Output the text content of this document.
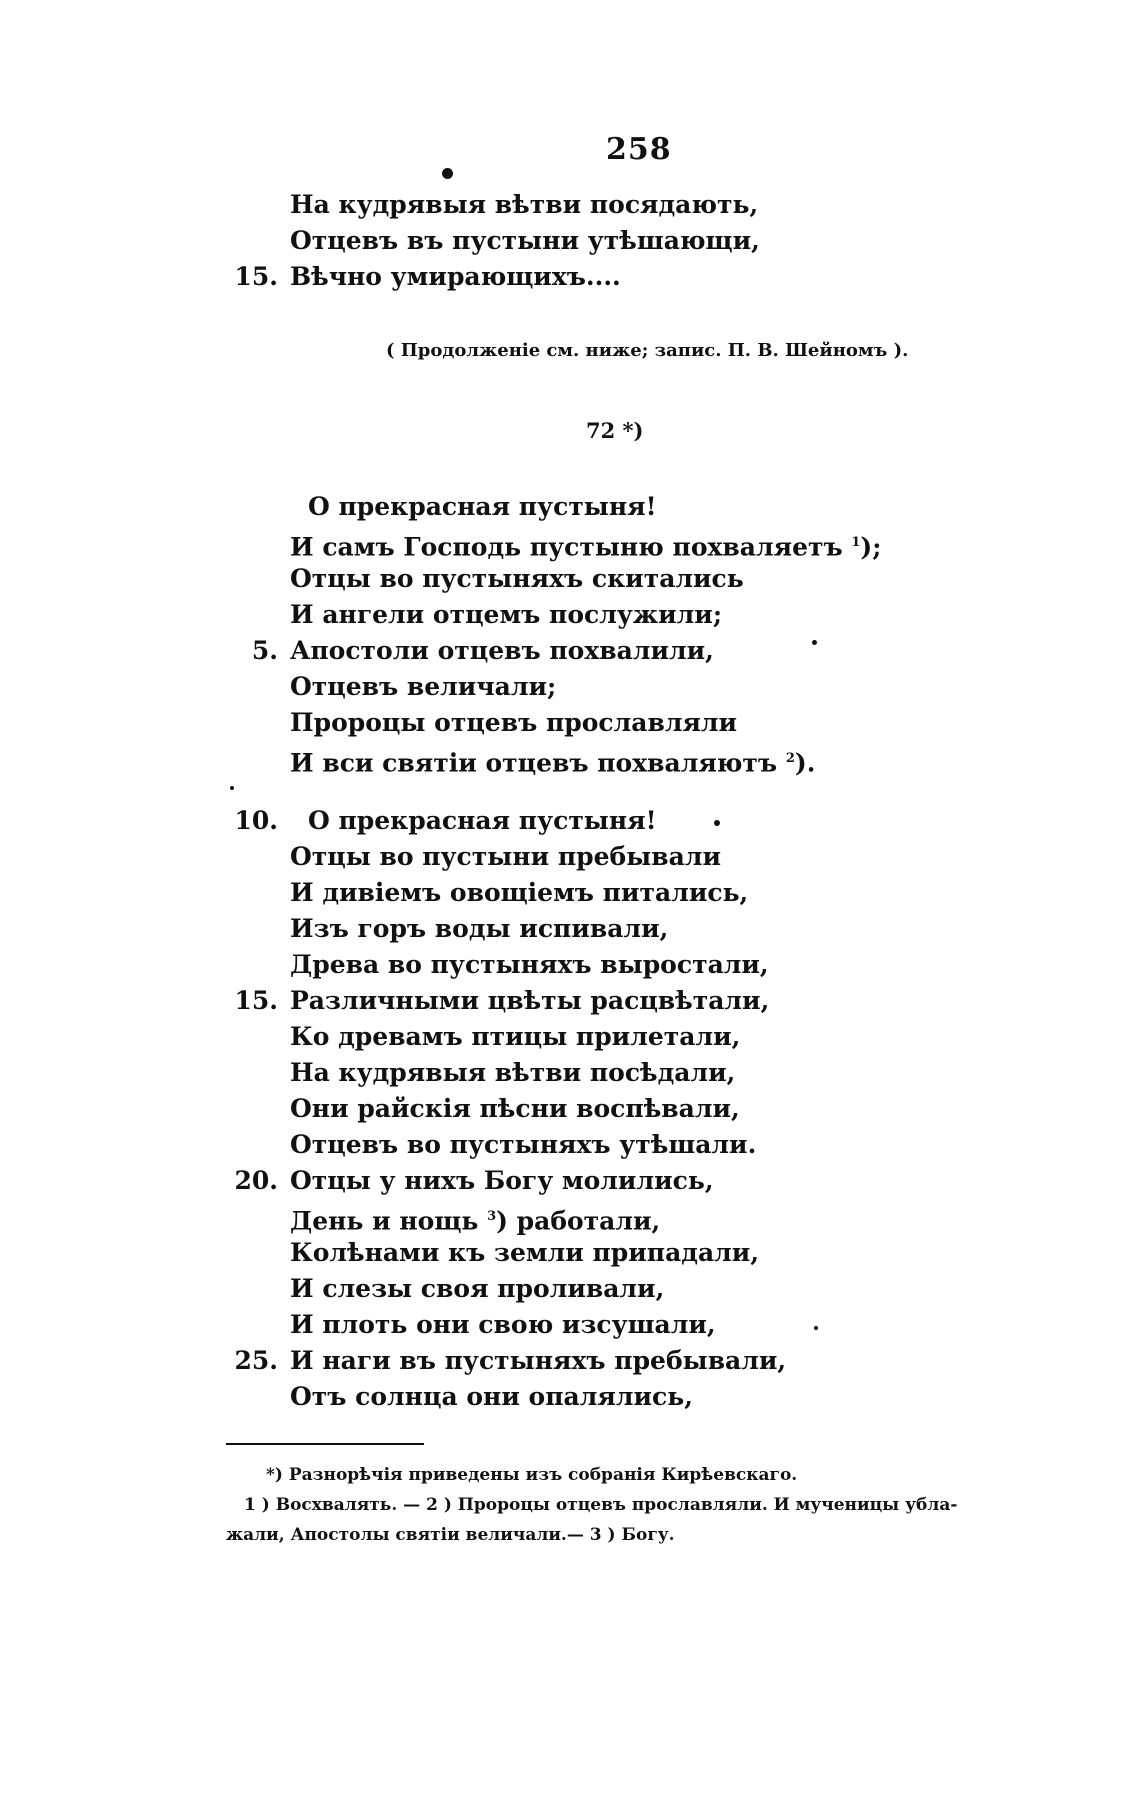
258
На кудрявыя вѣтви посядають,
Отцевъ въ пустыни утѣшающи,
15. Вѣчно умирающихъ....
( Продолженіе см. ниже; запис. П. В. Шейномъ ).
72 *)
О прекрасная пустыня!
И самъ Господь пустыню похваляетъ $^1$);
Отцы во пустыняхъ скитались
И ангели отцемъ послужили;
5. Апостоли отцевъ похвалили,
Отцевъ величали;
Пророцы отцевъ прославляли
И вси святіи отцевъ похваляютъ $^2$).
10. О прекрасная пустыня!
Отцы во пустыни пребывали
И дивіемъ овощіемъ питались,
Изъ горъ воды испивали,
Древа во пустыняхъ выростали,
15. Различными цвѣты расцвѣтали,
Ко древамъ птицы прилетали,
На кудрявыя вѣтви посѣдали,
Они райскія пѣсни воспѣвали,
Отцевъ во пустыняхъ утѣшали.
20. Отцы у нихъ Богу молились,
День и нощь $^3$) работали,
Колѣнами къ земли припадали,
И слезы своя проливали,
И плоть они свою изсушали,
25. И наги въ пустыняхъ пребывали,
Отъ солнца они опалялись,
*) Разнорѣчія приведены изъ собранія Кирѣевскаго.
1 ) Восхвалять. — 2 ) Пророцы отцевъ прославляли. И мученицы убла-
жали, Апостолы святіи величали.— 3 ) Богу.
